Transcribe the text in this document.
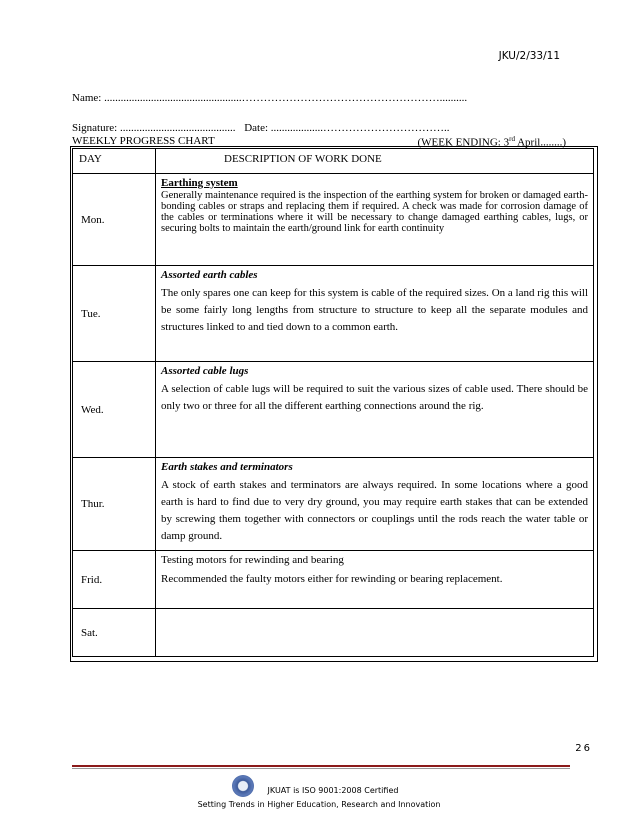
JKU/2/33/11
Name: ..................................................………………………………………………..........
Signature: .......................................... Date: ...................……………………………..
WEEKLY PROGRESS CHART	(WEEK ENDING: 3rd April........)
DAY	DESCRIPTION OF WORK DONE
Mon.	Earthing system
Generally maintenance required is the inspection of the earthing system for broken or damaged earth-bonding cables or straps and replacing them if required. A check was made for corrosion damage of the cables or terminations where it will be necessary to change damaged earthing cables, lugs, or securing bolts to maintain the earth/ground link for earth continuity

Tue.	Assorted earth cables
The only spares one can keep for this system is cable of the required sizes. On a land rig this will be some fairly long lengths from structure to structure to keep all the separate modules and structures linked to and tied down to a common earth.

Wed.	Assorted cable lugs
A selection of cable lugs will be required to suit the various sizes of cable used. There should be only two or three for all the different earthing connections around the rig.

Thur.	Earth stakes and terminators
A stock of earth stakes and terminators are always required. In some locations where a good earth is hard to find due to very dry ground, you may require earth stakes that can be extended by screwing them together with connectors or couplings until the rods reach the water table or damp ground.

Frid.	Testing motors for rewinding and bearing
Recommended the faulty motors either for rewinding or bearing replacement.

Sat.	
26
JKUAT is ISO 9001:2008 Certified
Setting Trends in Higher Education, Research and Innovation
